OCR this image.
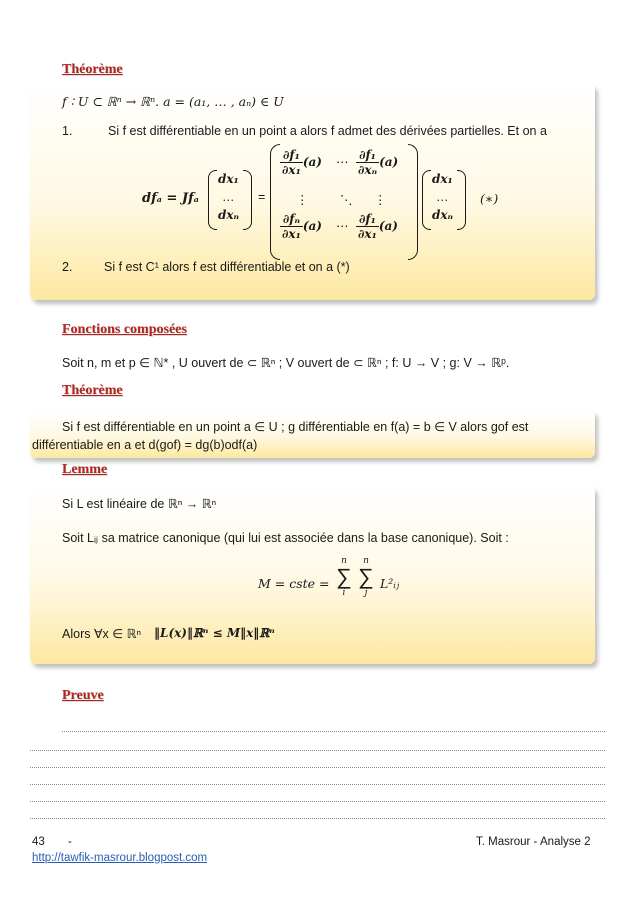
Théorème
f ∶ U ⊂ ℝⁿ → ℝⁿ. a = (a₁, … , aₙ) ∈ U
1.	Si f est différentiable en un point a alors f admet des dérivées partielles. Et on a
dfₐ = Jfₐ
dx₁
…
dxₙ
=
$\frac{\text{∂f₁}}{\text{∂x₁}} (a)$ ⋯ $\frac{\text{∂f₁}}{\text{∂xₙ}} (a)$
⋮	⋱ ⋮
$\frac{\text{∂fₙ}}{\text{∂x₁}} (a)$ ⋯ $\frac{\text{∂f₁}}{\text{∂x₁}} (a)$
dx₁
…
dxₙ
(∗)
2.	Si f est C¹ alors f est différentiable et on a (*)
Fonctions composées
Soit n, m et p ∈ ℕ* , U ouvert de ⊂ ℝⁿ ; V ouvert de ⊂ ℝⁿ ; f: U → V ; g: V → ℝᵖ.
Théorème
Si f est différentiable en un point a ∈ U ; g différentiable en f(a) = b ∈ V alors gof est
différentiable en a et d(gof) = dg(b)odf(a)
Lemme
Si L est linéaire de ℝⁿ → ℝⁿ
Soit Lᵢⱼ sa matrice canonique (qui lui est associée dans la base canonique). Soit :
M = cste =
n
∑
i
n
∑
j
L²ᵢⱼ
Alors ∀x ∈ ℝⁿ ‖L(x)‖ℝⁿ ≤ M‖x‖ℝⁿ
Preuve
43 -	T. Masrour - Analyse 2
http://tawfik-masrour.blogpost.com
